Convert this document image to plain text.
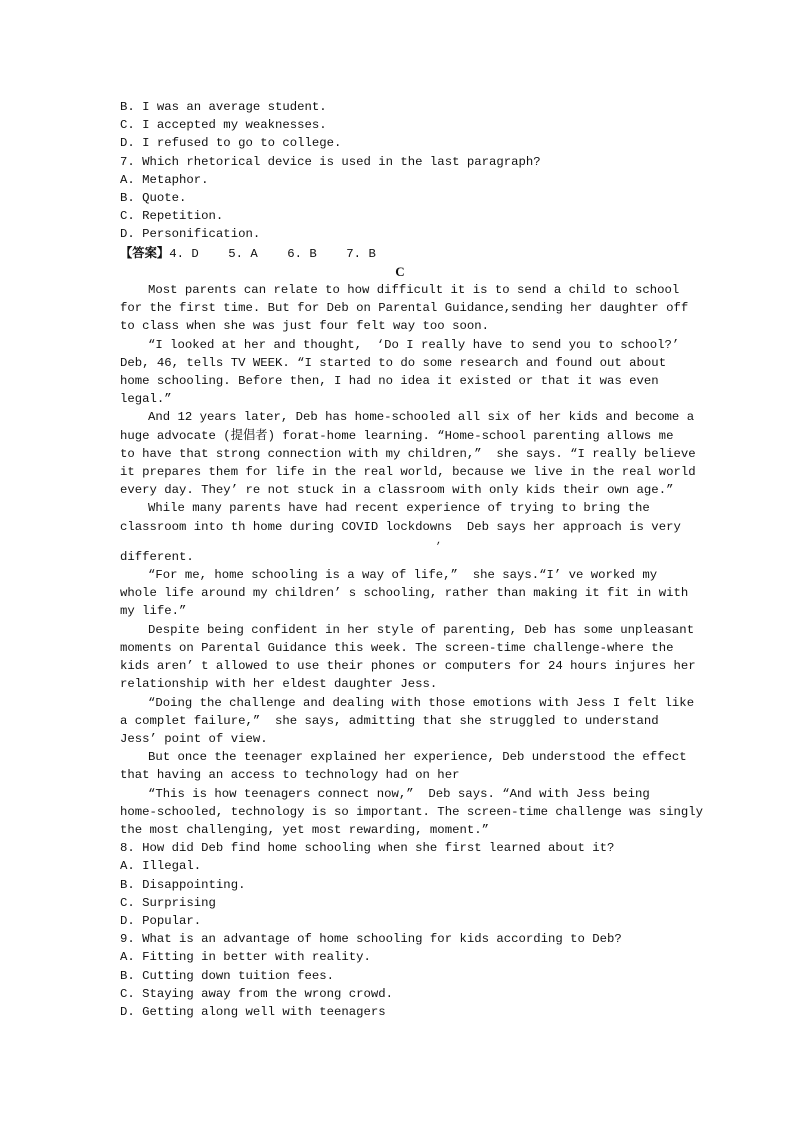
B. I was an average student.
C. I accepted my weaknesses.
D. I refused to go to college.
7. Which rhetorical device is used in the last paragraph?
A. Metaphor.
B. Quote.
C. Repetition.
D. Personification.
【答案】4. D    5. A    6. B    7. B
C
Most parents can relate to how difficult it is to send a child to school
for the first time. But for Deb on Parental Guidance,sending her daughter off
to class when she was just four felt way too soon.
“I looked at her and thought,  ‘Do I really have to send you to school?’
Deb, 46, tells TV WEEK. “I started to do some research and found out about
home schooling. Before then, I had no idea it existed or that it was even
legal.”
And 12 years later, Deb has home-schooled all six of her kids and become a
huge advocate (提倡者) forat-home learning. “Home-school parenting allows me
to have that strong connection with my children,”  she says. “I really believe
it prepares them for life in the real world, because we live in the real world
every day. They’ re not stuck in a classroom with only kids their own age.”
While many parents have had recent experience of trying to bring the
classroom into th home during COVID lockdowns  Deb says her approach is very
,
different.
“For me, home schooling is a way of life,”  she says.“I’ ve worked my
whole life around my children’ s schooling, rather than making it fit in with
my life.”
Despite being confident in her style of parenting, Deb has some unpleasant
moments on Parental Guidance this week. The screen-time challenge-where the
kids aren’ t allowed to use their phones or computers for 24 hours injures her
relationship with her eldest daughter Jess.
“Doing the challenge and dealing with those emotions with Jess I felt like
a complet failure,”  she says, admitting that she struggled to understand
Jess’ point of view.
But once the teenager explained her experience, Deb understood the effect
that having an access to technology had on her
“This is how teenagers connect now,”  Deb says. “And with Jess being
home-schooled, technology is so important. The screen-time challenge was singly
the most challenging, yet most rewarding, moment.”
8. How did Deb find home schooling when she first learned about it?
A. Illegal.
B. Disappointing.
C. Surprising
D. Popular.
9. What is an advantage of home schooling for kids according to Deb?
A. Fitting in better with reality.
B. Cutting down tuition fees.
C. Staying away from the wrong crowd.
D. Getting along well with teenagers
